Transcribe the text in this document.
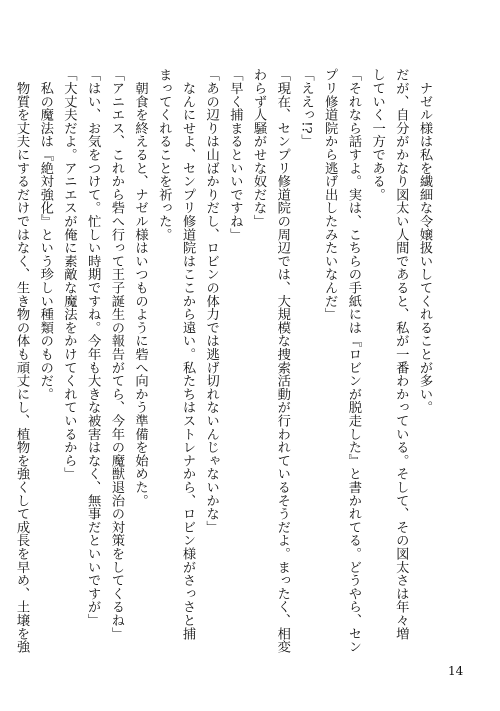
　ナゼル様は私を繊細な令嬢扱いしてくれることが多い。
だが、自分がかなり図太い人間であると、私が一番わかっている。そして、その図太さは年々増
していく一方である。
「それなら話すよ。実は、こちらの手紙には『ロビンが脱走した』と書かれてる。どうやら、セン
プリ修道院から逃げ出したみたいなんだ」
「ええっ!?」
「現在、センプリ修道院の周辺では、大規模な捜索活動が行われているそうだよ。まったく、相変
わらず人騒がせな奴だな」
「早く捕まるといいですね」
「あの辺りは山ばかりだし、ロビンの体力では逃げ切れないんじゃないかな」
　なんにせよ、センプリ修道院はここから遠い。私たちはストレナから、ロビン様がさっさと捕
まってくれることを祈った。
　朝食を終えると、ナゼル様はいつものように砦へ向かう準備を始めた。
「アニエス、これから砦へ行って王子誕生の報告がてら、今年の魔獣退治の対策をしてくるね」
「はい、お気をつけて。忙しい時期ですね。今年も大きな被害はなく、無事だといいですが」
「大丈夫だよ。アニエスが俺に素敵な魔法をかけてくれているから」
　私の魔法は『絶対強化』という珍しい種類のものだ。
　物質を丈夫にするだけではなく、生き物の体も頑丈にし、植物を強くして成長を早め、土壌を強
14
